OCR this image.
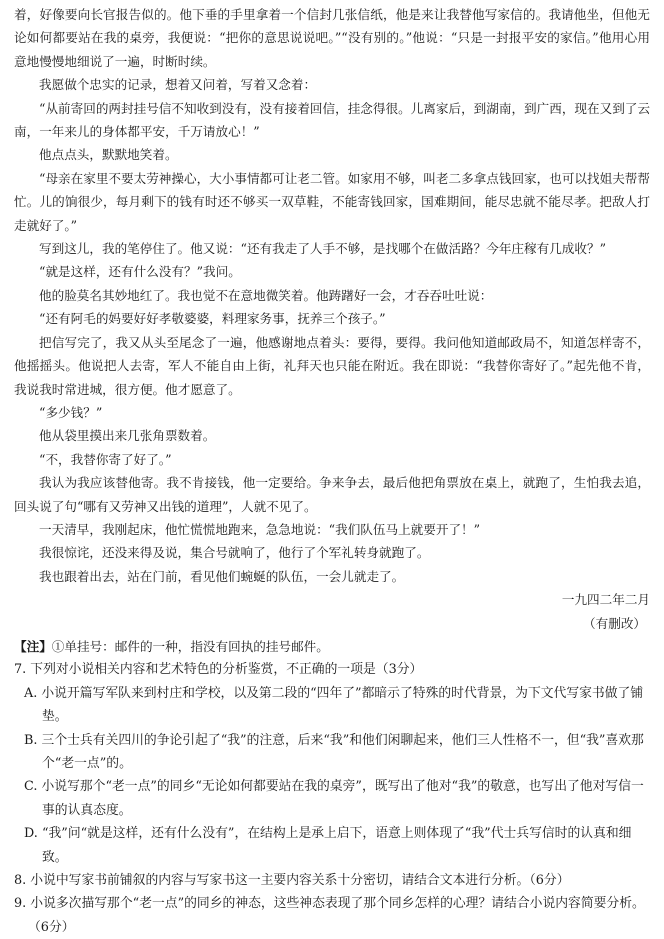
着，好像要向长官报告似的。他下垂的手里拿着一个信封几张信纸，他是来让我替他写家信的。我请他坐，但他无论如何都要站在我的桌旁，我便说：“把你的意思说说吧。”“没有别的。”他说：“只是一封报平安的家信。”他用心用意地慢慢地细说了一遍，时断时续。

我愿做个忠实的记录，想着又问着，写着又念着：

“从前寄回的两封挂号信不知收到没有，没有接着回信，挂念得很。儿离家后，到湖南，到广西，现在又到了云南，一年来儿的身体都平安，千万请放心！”

他点点头，默默地笑着。

“母亲在家里不要太劳神操心，大小事情都可让老二管。如家用不够，叫老二多拿点钱回家，也可以找姐夫帮帮忙。儿的饷很少，每月剩下的钱有时还不够买一双草鞋，不能寄钱回家，国难期间，能尽忠就不能尽孝。把敌人打走就好了。”

写到这儿，我的笔停住了。他又说：“还有我走了人手不够，是找哪个在做活路？今年庄稼有几成收？”

“就是这样，还有什么没有？”我问。

他的脸莫名其妙地红了。我也觉不在意地微笑着。他踌躇好一会，才吞吞吐吐说：

“还有阿毛的妈要好好孝敬婆婆，料理家务事，抚养三个孩子。”

把信写完了，我又从头至尾念了一遍，他感谢地点着头：要得，要得。我问他知道邮政局不，知道怎样寄不，他摇摇头。他说把人去寄，军人不能自由上街，礼拜天也只能在附近。我在即说：“我替你寄好了。”起先他不肯，我说我时常进城，很方便。他才愿意了。

“多少钱？”

他从袋里摸出来几张角票数着。

“不，我替你寄了好了。”

我认为我应该替他寄。我不肯接钱，他一定要给。争来争去，最后他把角票放在桌上，就跑了，生怕我去追，回头说了句“哪有又劳神又出钱的道理”，人就不见了。

一天清早，我刚起床，他忙慌慌地跑来，急急地说：“我们队伍马上就要开了！”

我很惊诧，还没来得及说，集合号就响了，他行了个军礼转身就跑了。

我也跟着出去，站在门前，看见他们蜿蜒的队伍，一会儿就走了。

一九四二年二月

（有删改）

【注】①单挂号：邮件的一种，指没有回执的挂号邮件。

7. 下列对小说相关内容和艺术特色的分析鉴赏，不正确的一项是（3分）

A. 小说开篇写军队来到村庄和学校，以及第二段的“四年了”都暗示了特殊的时代背景，为下文代写家书做了铺垫。

B. 三个士兵有关四川的争论引起了“我”的注意，后来“我”和他们闲聊起来，他们三人性格不一，但“我”喜欢那个“老一点”的。

C. 小说写那个“老一点”的同乡“无论如何都要站在我的桌旁”，既写出了他对“我”的敬意，也写出了他对写信一事的认真态度。

D. “我”问“就是这样，还有什么没有”，在结构上是承上启下，语意上则体现了“我”代士兵写信时的认真和细致。

8. 小说中写家书前铺叙的内容与写家书这一主要内容关系十分密切，请结合文本进行分析。（6分）

9. 小说多次描写那个“老一点”的同乡的神态，这些神态表现了那个同乡怎样的心理？请结合小说内容简要分析。（6分）
